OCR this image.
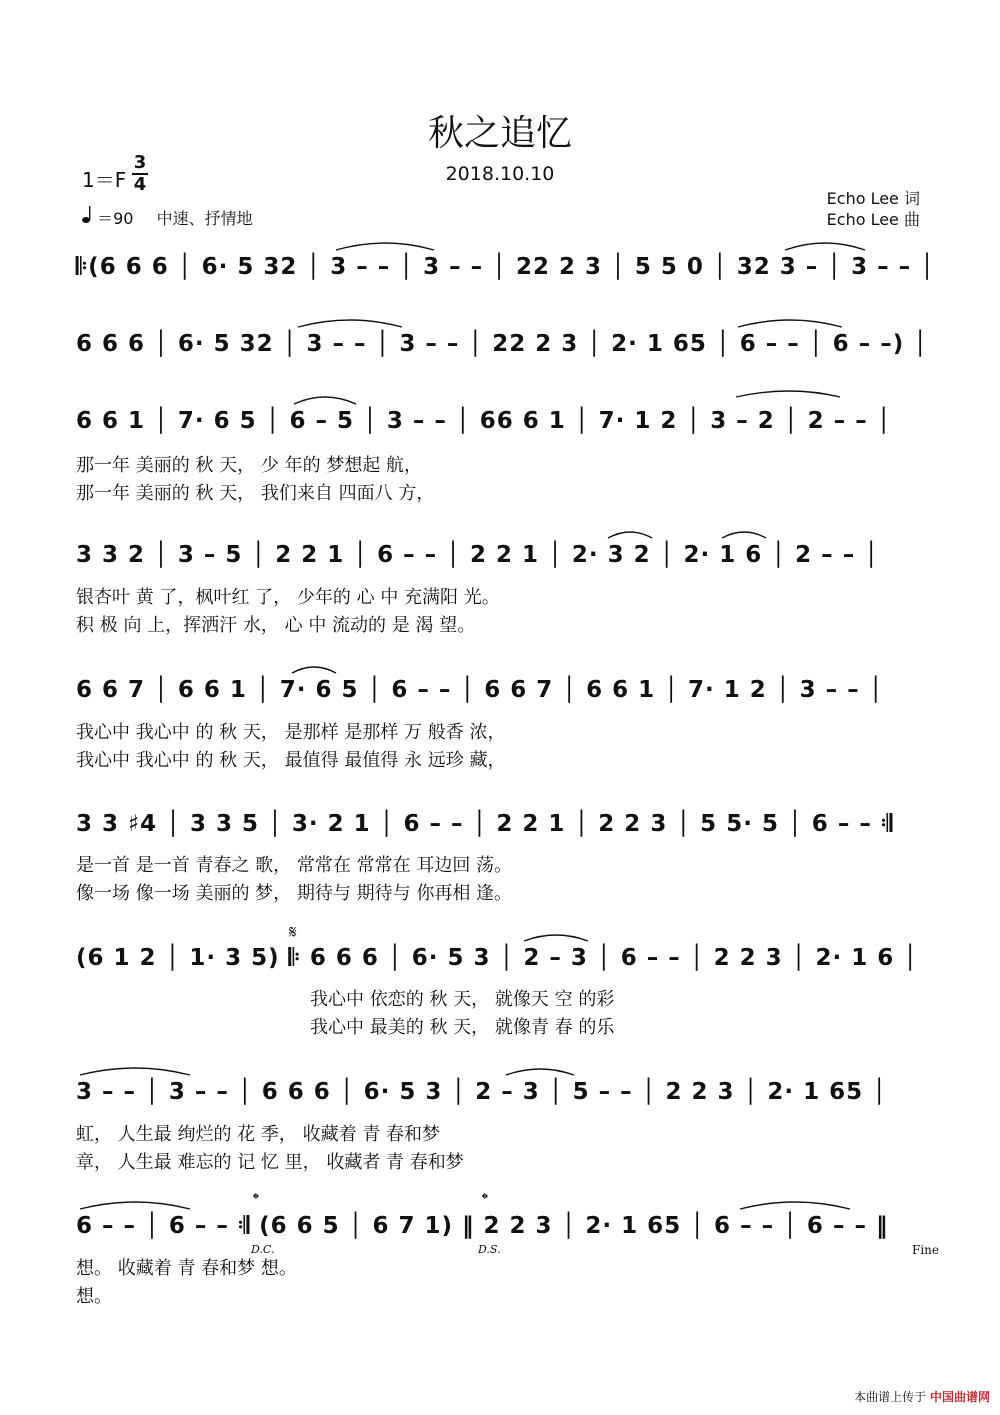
秋之追忆
2018.10.10
1＝F
3
4
＝90 中速、抒情地
Echo Lee 词
Echo Lee 曲
𝄆(6 6 6 │ 6· 5 32 │ 3 – – │ 3 – – │ 22 2 3 │ 5 5 0 │ 32 3 – │ 3 – – │
6 6 6 │ 6· 5 32 │ 3 – – │ 3 – – │ 22 2 3 │ 2· 1 65 │ 6 – – │ 6 – –) │
6 6 1 │ 7· 6 5 │ 6 – 5 │ 3 – – │ 66 6 1 │ 7· 1 2 │ 3 – 2 │ 2 – – │
那一年 美丽的 秋 天， 少 年的 梦想起 航，
那一年 美丽的 秋 天， 我们来自 四面八 方，
3 3 2 │ 3 – 5 │ 2 2 1 │ 6 – – │ 2 2 1 │ 2· 3 2 │ 2· 1 6 │ 2 – – │
银杏叶 黄 了，枫叶红 了， 少年的 心 中 充满阳 光。
积 极 向 上，挥洒汗 水， 心 中 流动的 是 渴 望。
6 6 7 │ 6 6 1 │ 7· 6 5 │ 6 – – │ 6 6 7 │ 6 6 1 │ 7· 1 2 │ 3 – – │
我心中 我心中 的 秋 天， 是那样 是那样 万 般香 浓，
我心中 我心中 的 秋 天， 最值得 最值得 永 远珍 藏，
3 3 ♯4 │ 3 3 5 │ 3· 2 1 │ 6 – – │ 2 2 1 │ 2 2 3 │ 5 5· 5 │ 6 – – 𝄇
是一首 是一首 青春之 歌， 常常在 常常在 耳边回 荡。
像一场 像一场 美丽的 梦， 期待与 期待与 你再相 逢。
𝄋
(6 1 2 │ 1· 3 5) 𝄆 6 6 6 │ 6· 5 3 │ 2 – 3 │ 6 – – │ 2 2 3 │ 2· 1 6 │
我心中 依恋的 秋 天， 就像天 空 的彩
我心中 最美的 秋 天， 就像青 春 的乐
3 – – │ 3 – – │ 6 6 6 │ 6· 5 3 │ 2 – 3 │ 5 – – │ 2 2 3 │ 2· 1 65 │
虹， 人生最 绚烂的 花 季， 收藏着 青 春和梦
章， 人生最 难忘的 记 忆 里， 收藏者 青 春和梦
𝄌	𝄌
6 – – │ 6 – – 𝄇 (6 6 5 │ 6 7 1) ‖ 2 2 3 │ 2· 1 65 │ 6 – – │ 6 – – ‖
D.C.	D.S.	Fine
想。 收藏着 青 春和梦 想。
想。
本曲谱上传于 中国曲谱网
